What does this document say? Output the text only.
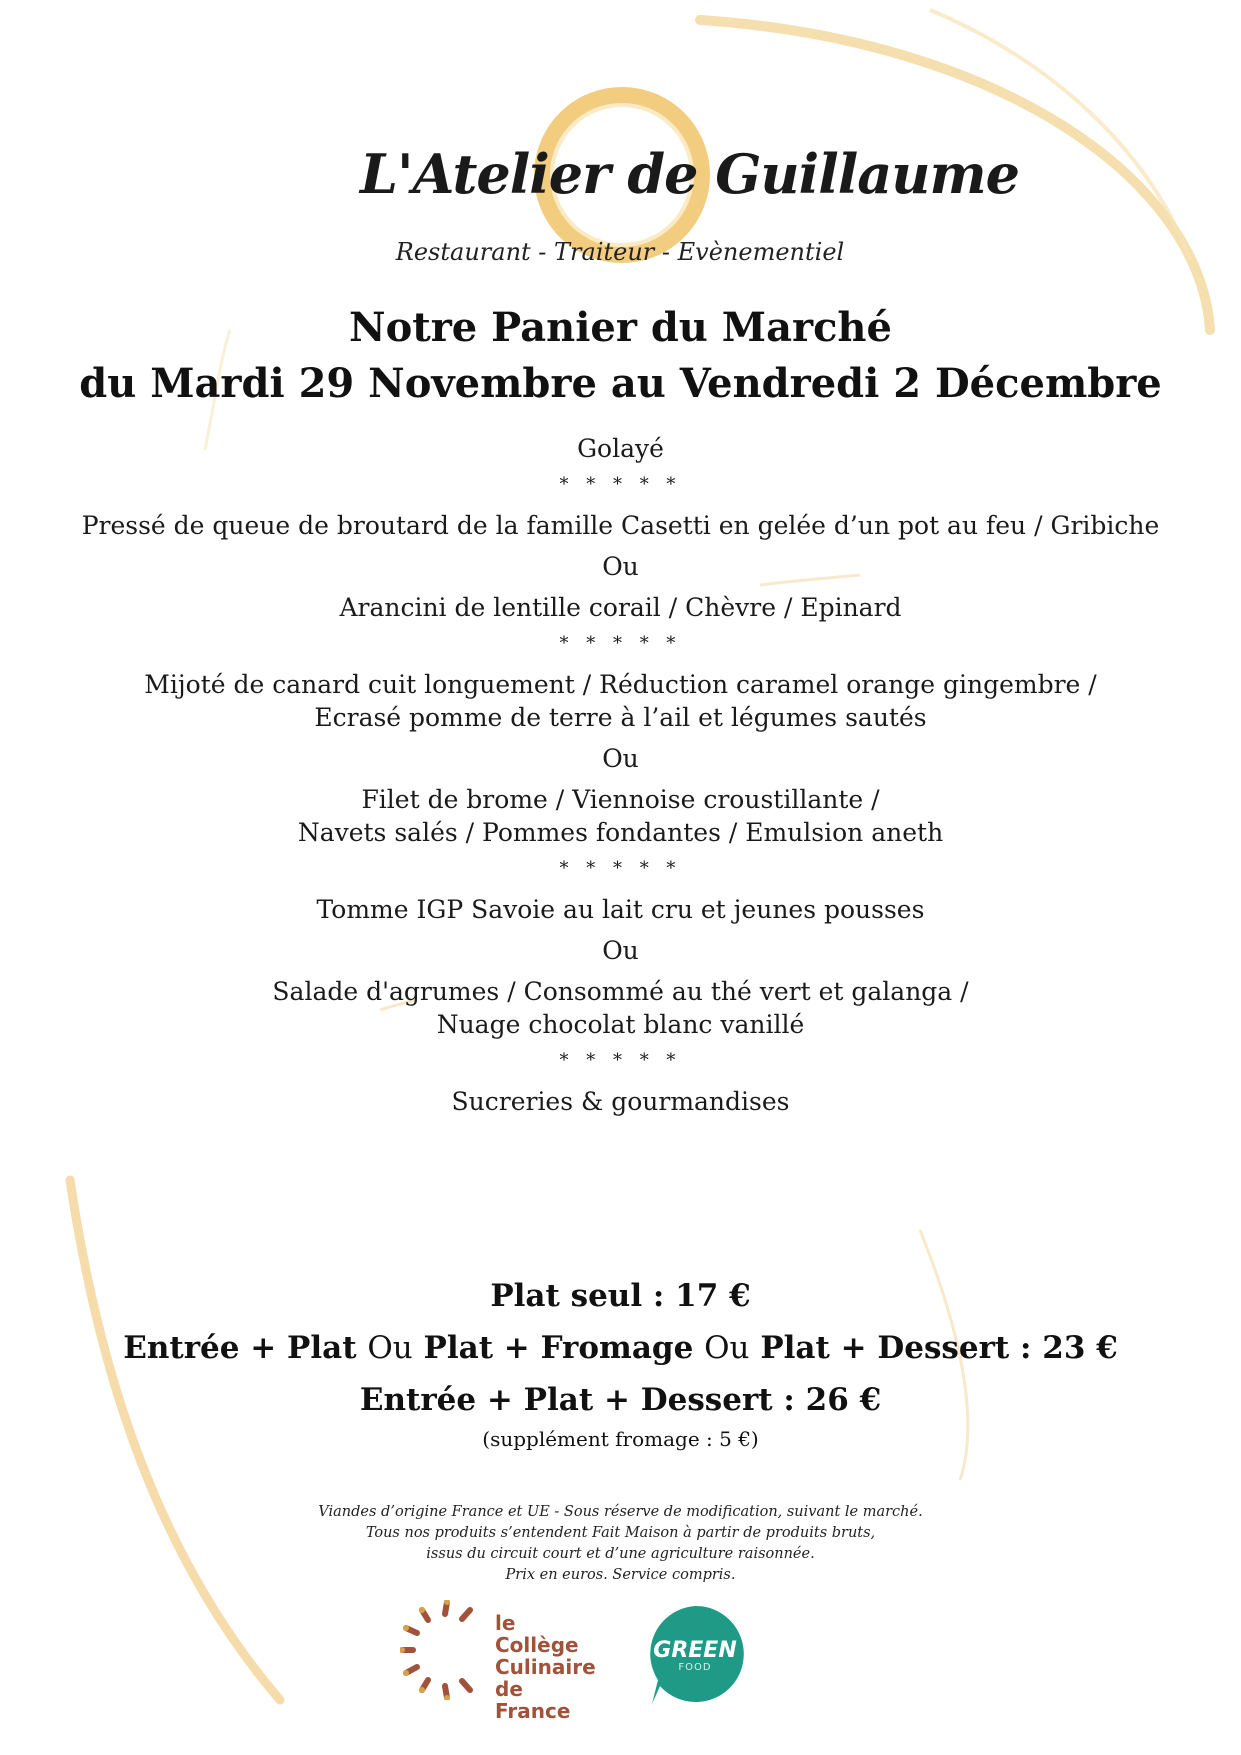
L'Atelier de Guillaume
Restaurant - Traiteur - Evènementiel
Notre Panier du Marché
du Mardi 29 Novembre au Vendredi 2 Décembre
Golayé
* * * * *
Pressé de queue de broutard de la famille Casetti en gelée d’un pot au feu / Gribiche
Ou
Arancini de lentille corail / Chèvre / Epinard
* * * * *
Mijoté de canard cuit longuement / Réduction caramel orange gingembre /
Ecrasé pomme de terre à l’ail et légumes sautés
Ou
Filet de brome / Viennoise croustillante /
Navets salés / Pommes fondantes / Emulsion aneth
* * * * *
Tomme IGP Savoie au lait cru et jeunes pousses
Ou
Salade d'agrumes / Consommé au thé vert et galanga /
Nuage chocolat blanc vanillé
* * * * *
Sucreries & gourmandises
Plat seul : 17 €
Entrée + Plat Ou Plat + Fromage Ou Plat + Dessert : 23 €
Entrée + Plat + Dessert : 26 €
(supplément fromage : 5 €)
Viandes d’origine France et UE - Sous réserve de modification, suivant le marché.
Tous nos produits s’entendent Fait Maison à partir de produits bruts,
issus du circuit court et d’une agriculture raisonnée.
Prix en euros. Service compris.
le Collège
Culinaire
de France
GREEN
FOOD
